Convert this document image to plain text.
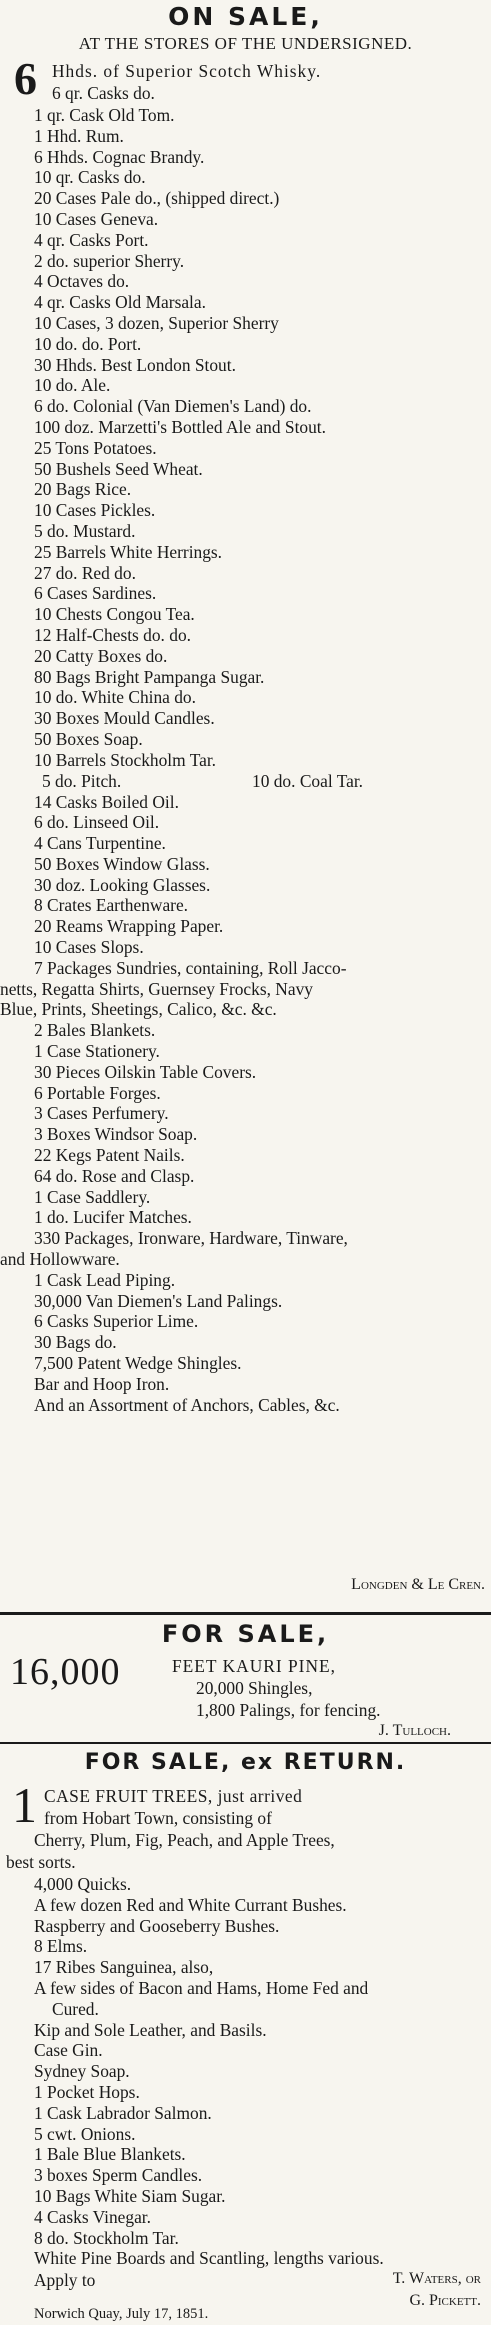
ON SALE,
AT THE STORES OF THE UNDERSIGNED.
6 Hhds. of Superior Scotch Whisky.
6 qr. Casks do.
1 qr. Cask Old Tom.
1 Hhd. Rum.
6 Hhds. Cognac Brandy.
10 qr. Casks do.
20 Cases Pale do., (shipped direct.)
10 Cases Geneva.
4 qr. Casks Port.
2 do. superior Sherry.
4 Octaves do.
4 qr. Casks Old Marsala.
10 Cases, 3 dozen, Superior Sherry
10 do. do. Port.
30 Hhds. Best London Stout.
10 do. Ale.
6 do. Colonial (Van Diemen's Land) do.
100 doz. Marzetti's Bottled Ale and Stout.
25 Tons Potatoes.
50 Bushels Seed Wheat.
20 Bags Rice.
10 Cases Pickles.
5 do. Mustard.
25 Barrels White Herrings.
27 do. Red do.
6 Cases Sardines.
10 Chests Congou Tea.
12 Half-Chests do. do.
20 Catty Boxes do.
80 Bags Bright Pampanga Sugar.
10 do. White China do.
30 Boxes Mould Candles.
50 Boxes Soap.
10 Barrels Stockholm Tar.
5 do. Pitch.	10 do. Coal Tar.
14 Casks Boiled Oil.
6 do. Linseed Oil.
4 Cans Turpentine.
50 Boxes Window Glass.
30 doz. Looking Glasses.
8 Crates Earthenware.
20 Reams Wrapping Paper.
10 Cases Slops.
7 Packages Sundries, containing, Roll Jacco-
netts, Regatta Shirts, Guernsey Frocks, Navy
Blue, Prints, Sheetings, Calico, &c. &c.
2 Bales Blankets.
1 Case Stationery.
30 Pieces Oilskin Table Covers.
6 Portable Forges.
3 Cases Perfumery.
3 Boxes Windsor Soap.
22 Kegs Patent Nails.
64 do. Rose and Clasp.
1 Case Saddlery.
1 do. Lucifer Matches.
330 Packages, Ironware, Hardware, Tinware,
and Hollowware.
1 Cask Lead Piping.
30,000 Van Diemen's Land Palings.
6 Casks Superior Lime.
30 Bags do.
7,500 Patent Wedge Shingles.
Bar and Hoop Iron.
And an Assortment of Anchors, Cables, &c.
Longden & Le Cren.
FOR SALE,
16,000	FEET KAURI PINE,
20,000 Shingles,
1,800 Palings, for fencing.
J. Tulloch.
FOR SALE, ex RETURN.
1 CASE FRUIT TREES, just arrived
from Hobart Town, consisting of
Cherry, Plum, Fig, Peach, and Apple Trees,
best sorts.
4,000 Quicks.
A few dozen Red and White Currant Bushes.
Raspberry and Gooseberry Bushes.
8 Elms.
17 Ribes Sanguinea, also,
A few sides of Bacon and Hams, Home Fed and
Cured.
Kip and Sole Leather, and Basils.
Case Gin.
Sydney Soap.
1 Pocket Hops.
1 Cask Labrador Salmon.
5 cwt. Onions.
1 Bale Blue Blankets.
3 boxes Sperm Candles.
10 Bags White Siam Sugar.
4 Casks Vinegar.
8 do. Stockholm Tar.
White Pine Boards and Scantling, lengths various.
Apply to	T. Waters, or
G. Pickett.
Norwich Quay, July 17, 1851.
